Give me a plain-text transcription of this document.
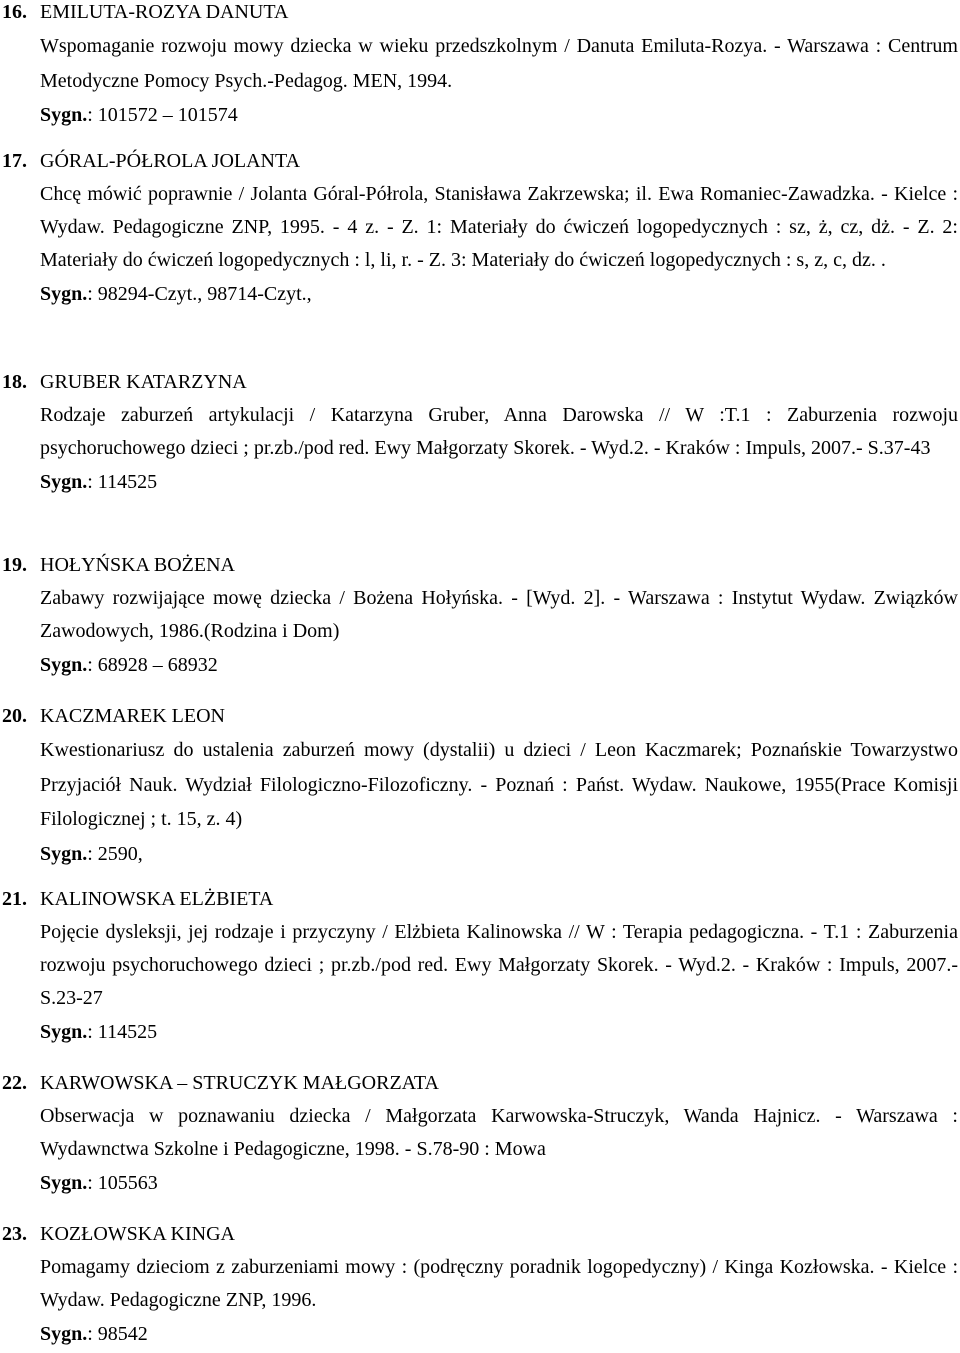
16. EMILUTA-ROZYA DANUTA
Wspomaganie rozwoju mowy dziecka w wieku przedszkolnym / Danuta Emiluta-Rozya. - Warszawa : Centrum Metodyczne Pomocy Psych.-Pedagog. MEN, 1994.
Sygn.: 101572 – 101574
17. GÓRAL-PÓŁROLA JOLANTA
Chcę mówić poprawnie / Jolanta Góral-Półrola, Stanisława Zakrzewska; il. Ewa Romaniec-Zawadzka. - Kielce : Wydaw. Pedagogiczne ZNP, 1995. - 4 z. - Z. 1: Materiały do ćwiczeń logopedycznych : sz, ż, cz, dż. - Z. 2: Materiały do ćwiczeń logopedycznych : l, li, r. - Z. 3: Materiały do ćwiczeń logopedycznych : s, z, c, dz. .
Sygn.: 98294-Czyt., 98714-Czyt.,
18. GRUBER KATARZYNA
Rodzaje zaburzeń artykulacji / Katarzyna Gruber, Anna Darowska // W :T.1 : Zaburzenia rozwoju psychoruchowego dzieci ; pr.zb./pod red. Ewy Małgorzaty Skorek. - Wyd.2. - Kraków : Impuls, 2007.- S.37-43
Sygn.: 114525
19. HOŁYŃSKA BOŻENA
Zabawy rozwijające mowę dziecka / Bożena Hołyńska. - [Wyd. 2]. - Warszawa : Instytut Wydaw. Związków Zawodowych, 1986.(Rodzina i Dom)
Sygn.: 68928 – 68932
20. KACZMAREK LEON
Kwestionariusz do ustalenia zaburzeń mowy (dystalii) u dzieci / Leon Kaczmarek; Poznańskie Towarzystwo Przyjaciół Nauk. Wydział Filologiczno-Filozoficzny. - Poznań : Państ. Wydaw. Naukowe, 1955(Prace Komisji Filologicznej ; t. 15, z. 4)
Sygn.: 2590,
21. KALINOWSKA ELŻBIETA
Pojęcie dysleksji, jej rodzaje i przyczyny / Elżbieta Kalinowska // W : Terapia pedagogiczna. - T.1 : Zaburzenia rozwoju psychoruchowego dzieci ; pr.zb./pod red. Ewy Małgorzaty Skorek. - Wyd.2. - Kraków : Impuls, 2007.- S.23-27
Sygn.: 114525
22. KARWOWSKA – STRUCZYK MAŁGORZATA
Obserwacja w poznawaniu dziecka / Małgorzata Karwowska-Struczyk, Wanda Hajnicz. - Warszawa : Wydawnctwa Szkolne i Pedagogiczne, 1998. - S.78-90 : Mowa
Sygn.: 105563
23. KOZŁOWSKA KINGA
Pomagamy dzieciom z zaburzeniami mowy : (podręczny poradnik logopedyczny) / Kinga Kozłowska. - Kielce : Wydaw. Pedagogiczne ZNP, 1996.
Sygn.: 98542
